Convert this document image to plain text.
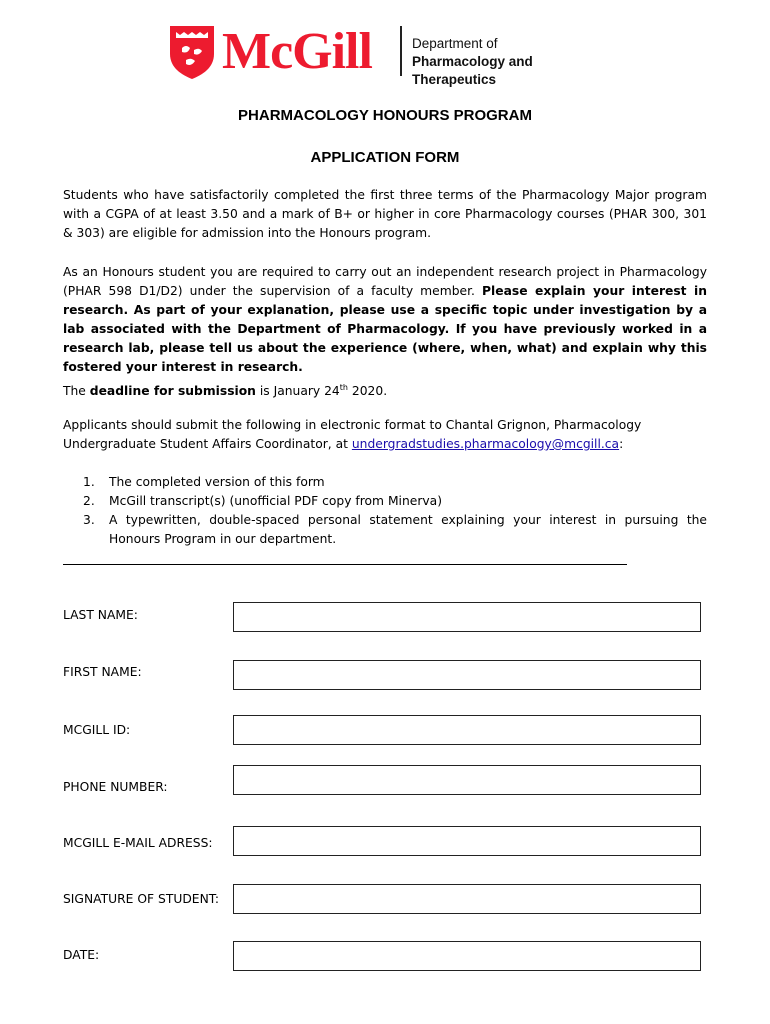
McGill	Department of
Pharmacology and Therapeutics
PHARMACOLOGY HONOURS PROGRAM
APPLICATION FORM

Students who have satisfactorily completed the first three terms of the Pharmacology Major program with a CGPA of at least 3.50 and a mark of B+ or higher in core Pharmacology courses (PHAR 300, 301 & 303) are eligible for admission into the Honours program.

As an Honours student you are required to carry out an independent research project in Pharmacology (PHAR 598 D1/D2) under the supervision of a faculty member. Please explain your interest in research. As part of your explanation, please use a specific topic under investigation by a lab associated with the Department of Pharmacology. If you have previously worked in a research lab, please tell us about the experience (where, when, what) and explain why this fostered your interest in research.

The deadline for submission is January 24th 2020.

Applicants should submit the following in electronic format to Chantal Grignon, Pharmacology Undergraduate Student Affairs Coordinator, at undergradstudies.pharmacology@mcgill.ca:

1.	The completed version of this form
2.	McGill transcript(s) (unofficial PDF copy from Minerva)
3.	A typewritten, double-spaced personal statement explaining your interest in pursuing the Honours Program in our department.
LAST NAME:
FIRST NAME:
MCGILL ID:
PHONE NUMBER:
MCGILL E-MAIL ADRESS:
SIGNATURE OF STUDENT:
DATE:
